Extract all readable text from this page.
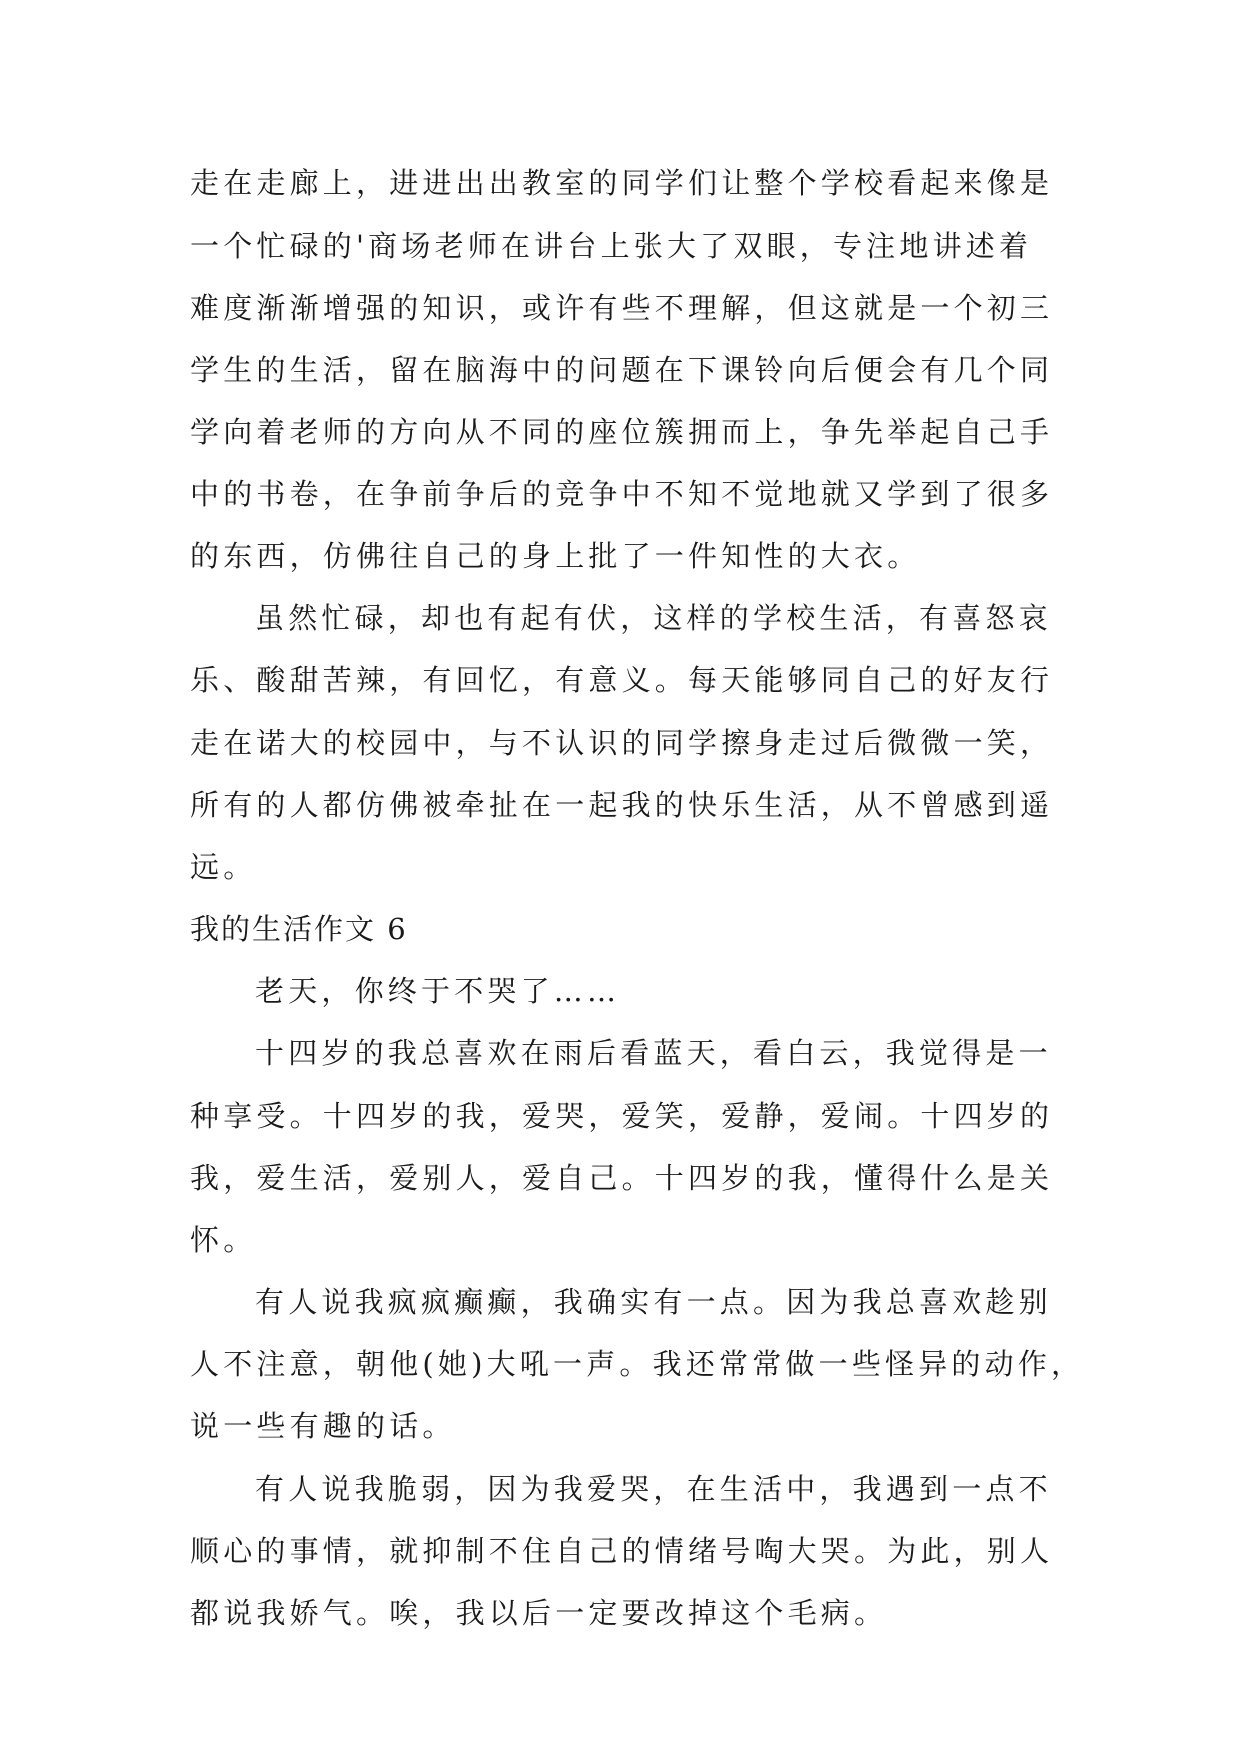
走在走廊上，进进出出教室的同学们让整个学校看起来像是
一个忙碌的'商场老师在讲台上张大了双眼，专注地讲述着
难度渐渐增强的知识，或许有些不理解，但这就是一个初三
学生的生活，留在脑海中的问题在下课铃向后便会有几个同
学向着老师的方向从不同的座位簇拥而上，争先举起自己手
中的书卷，在争前争后的竞争中不知不觉地就又学到了很多
的东西，仿佛往自己的身上批了一件知性的大衣。
虽然忙碌，却也有起有伏，这样的学校生活，有喜怒哀
乐、酸甜苦辣，有回忆，有意义。每天能够同自己的好友行
走在诺大的校园中，与不认识的同学擦身走过后微微一笑，
所有的人都仿佛被牵扯在一起我的快乐生活，从不曾感到遥
远。
我的生活作文 6
老天，你终于不哭了……
十四岁的我总喜欢在雨后看蓝天，看白云，我觉得是一
种享受。十四岁的我，爱哭，爱笑，爱静，爱闹。十四岁的
我，爱生活，爱别人，爱自己。十四岁的我，懂得什么是关
怀。
有人说我疯疯癫癫，我确实有一点。因为我总喜欢趁别
人不注意，朝他(她)大吼一声。我还常常做一些怪异的动作，
说一些有趣的话。
有人说我脆弱，因为我爱哭，在生活中，我遇到一点不
顺心的事情，就抑制不住自己的情绪号啕大哭。为此，别人
都说我娇气。唉，我以后一定要改掉这个毛病。
